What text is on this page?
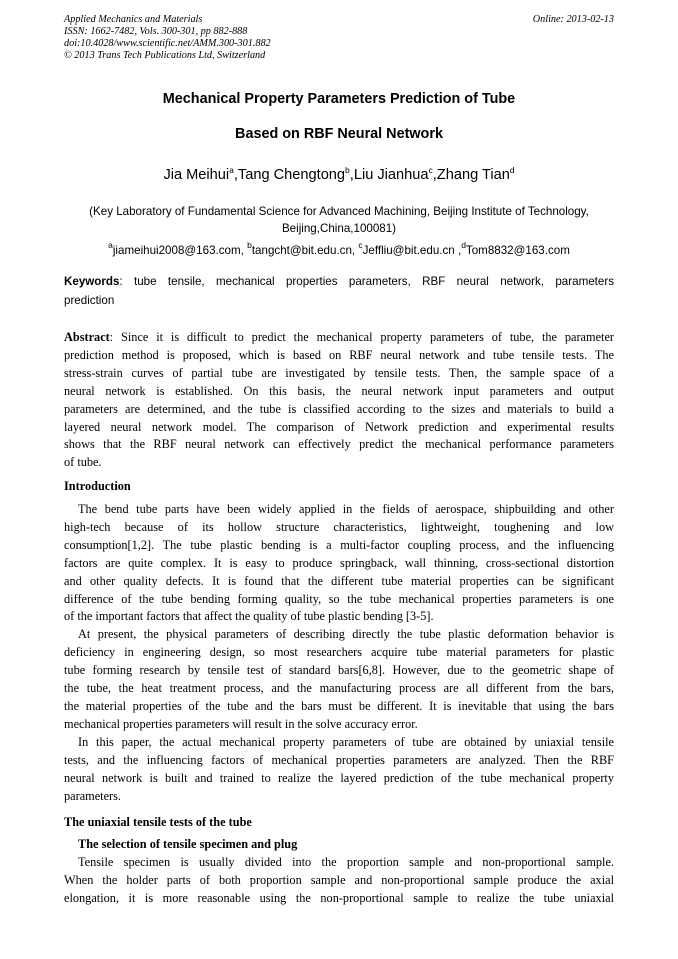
Applied Mechanics and Materials
ISSN: 1662-7482, Vols. 300-301, pp 882-888
doi:10.4028/www.scientific.net/AMM.300-301.882
© 2013 Trans Tech Publications Ltd, Switzerland
Online: 2013-02-13
Mechanical Property Parameters Prediction of Tube
Based on RBF Neural Network
Jia Meihui$^a$,Tang Chengtong$^b$,Liu Jianhua$^c$,Zhang Tian$^d$
(Key Laboratory of Fundamental Science for Advanced Machining, Beijing Institute of Technology,
Beijing,China,100081)
$^a$jiameihui2008@163.com, $^b$tangcht@bit.edu.cn, $^c$Jeffliu@bit.edu.cn ,$^d$Tom8832@163.com
Keywords: tube tensile, mechanical properties parameters, RBF neural network, parameters
prediction
Abstract: Since it is difficult to predict the mechanical property parameters of tube, the parameter
prediction method is proposed, which is based on RBF neural network and tube tensile tests. The
stress-strain curves of partial tube are investigated by tensile tests. Then, the sample space of a
neural network is established. On this basis, the neural network input parameters and output
parameters are determined, and the tube is classified according to the sizes and materials to build a
layered neural network model. The comparison of Network prediction and experimental results
shows that the RBF neural network can effectively predict the mechanical performance parameters
of tube.
Introduction
The bend tube parts have been widely applied in the fields of aerospace, shipbuilding and other
high-tech because of its hollow structure characteristics, lightweight, toughening and low
consumption[1,2]. The tube plastic bending is a multi-factor coupling process, and the influencing
factors are quite complex. It is easy to produce springback, wall thinning, cross-sectional distortion
and other quality defects. It is found that the different tube material properties can be significant
difference of the tube bending forming quality, so the tube mechanical properties parameters is one
of the important factors that affect the quality of tube plastic bending [3-5].
At present, the physical parameters of describing directly the tube plastic deformation behavior is
deficiency in engineering design, so most researchers acquire tube material parameters for plastic
tube forming research by tensile test of standard bars[6,8]. However, due to the geometric shape of
the tube, the heat treatment process, and the manufacturing process are all different from the bars,
the material properties of the tube and the bars must be different. It is inevitable that using the bars
mechanical properties parameters will result in the solve accuracy error.
In this paper, the actual mechanical property parameters of tube are obtained by uniaxial tensile
tests, and the influencing factors of mechanical properties parameters are analyzed. Then the RBF
neural network is built and trained to realize the layered prediction of the tube mechanical property
parameters.
The uniaxial tensile tests of the tube
The selection of tensile specimen and plug
Tensile specimen is usually divided into the proportion sample and non-proportional sample.
When the holder parts of both proportion sample and non-proportional sample produce the axial
elongation, it is more reasonable using the non-proportional sample to realize the tube uniaxial
